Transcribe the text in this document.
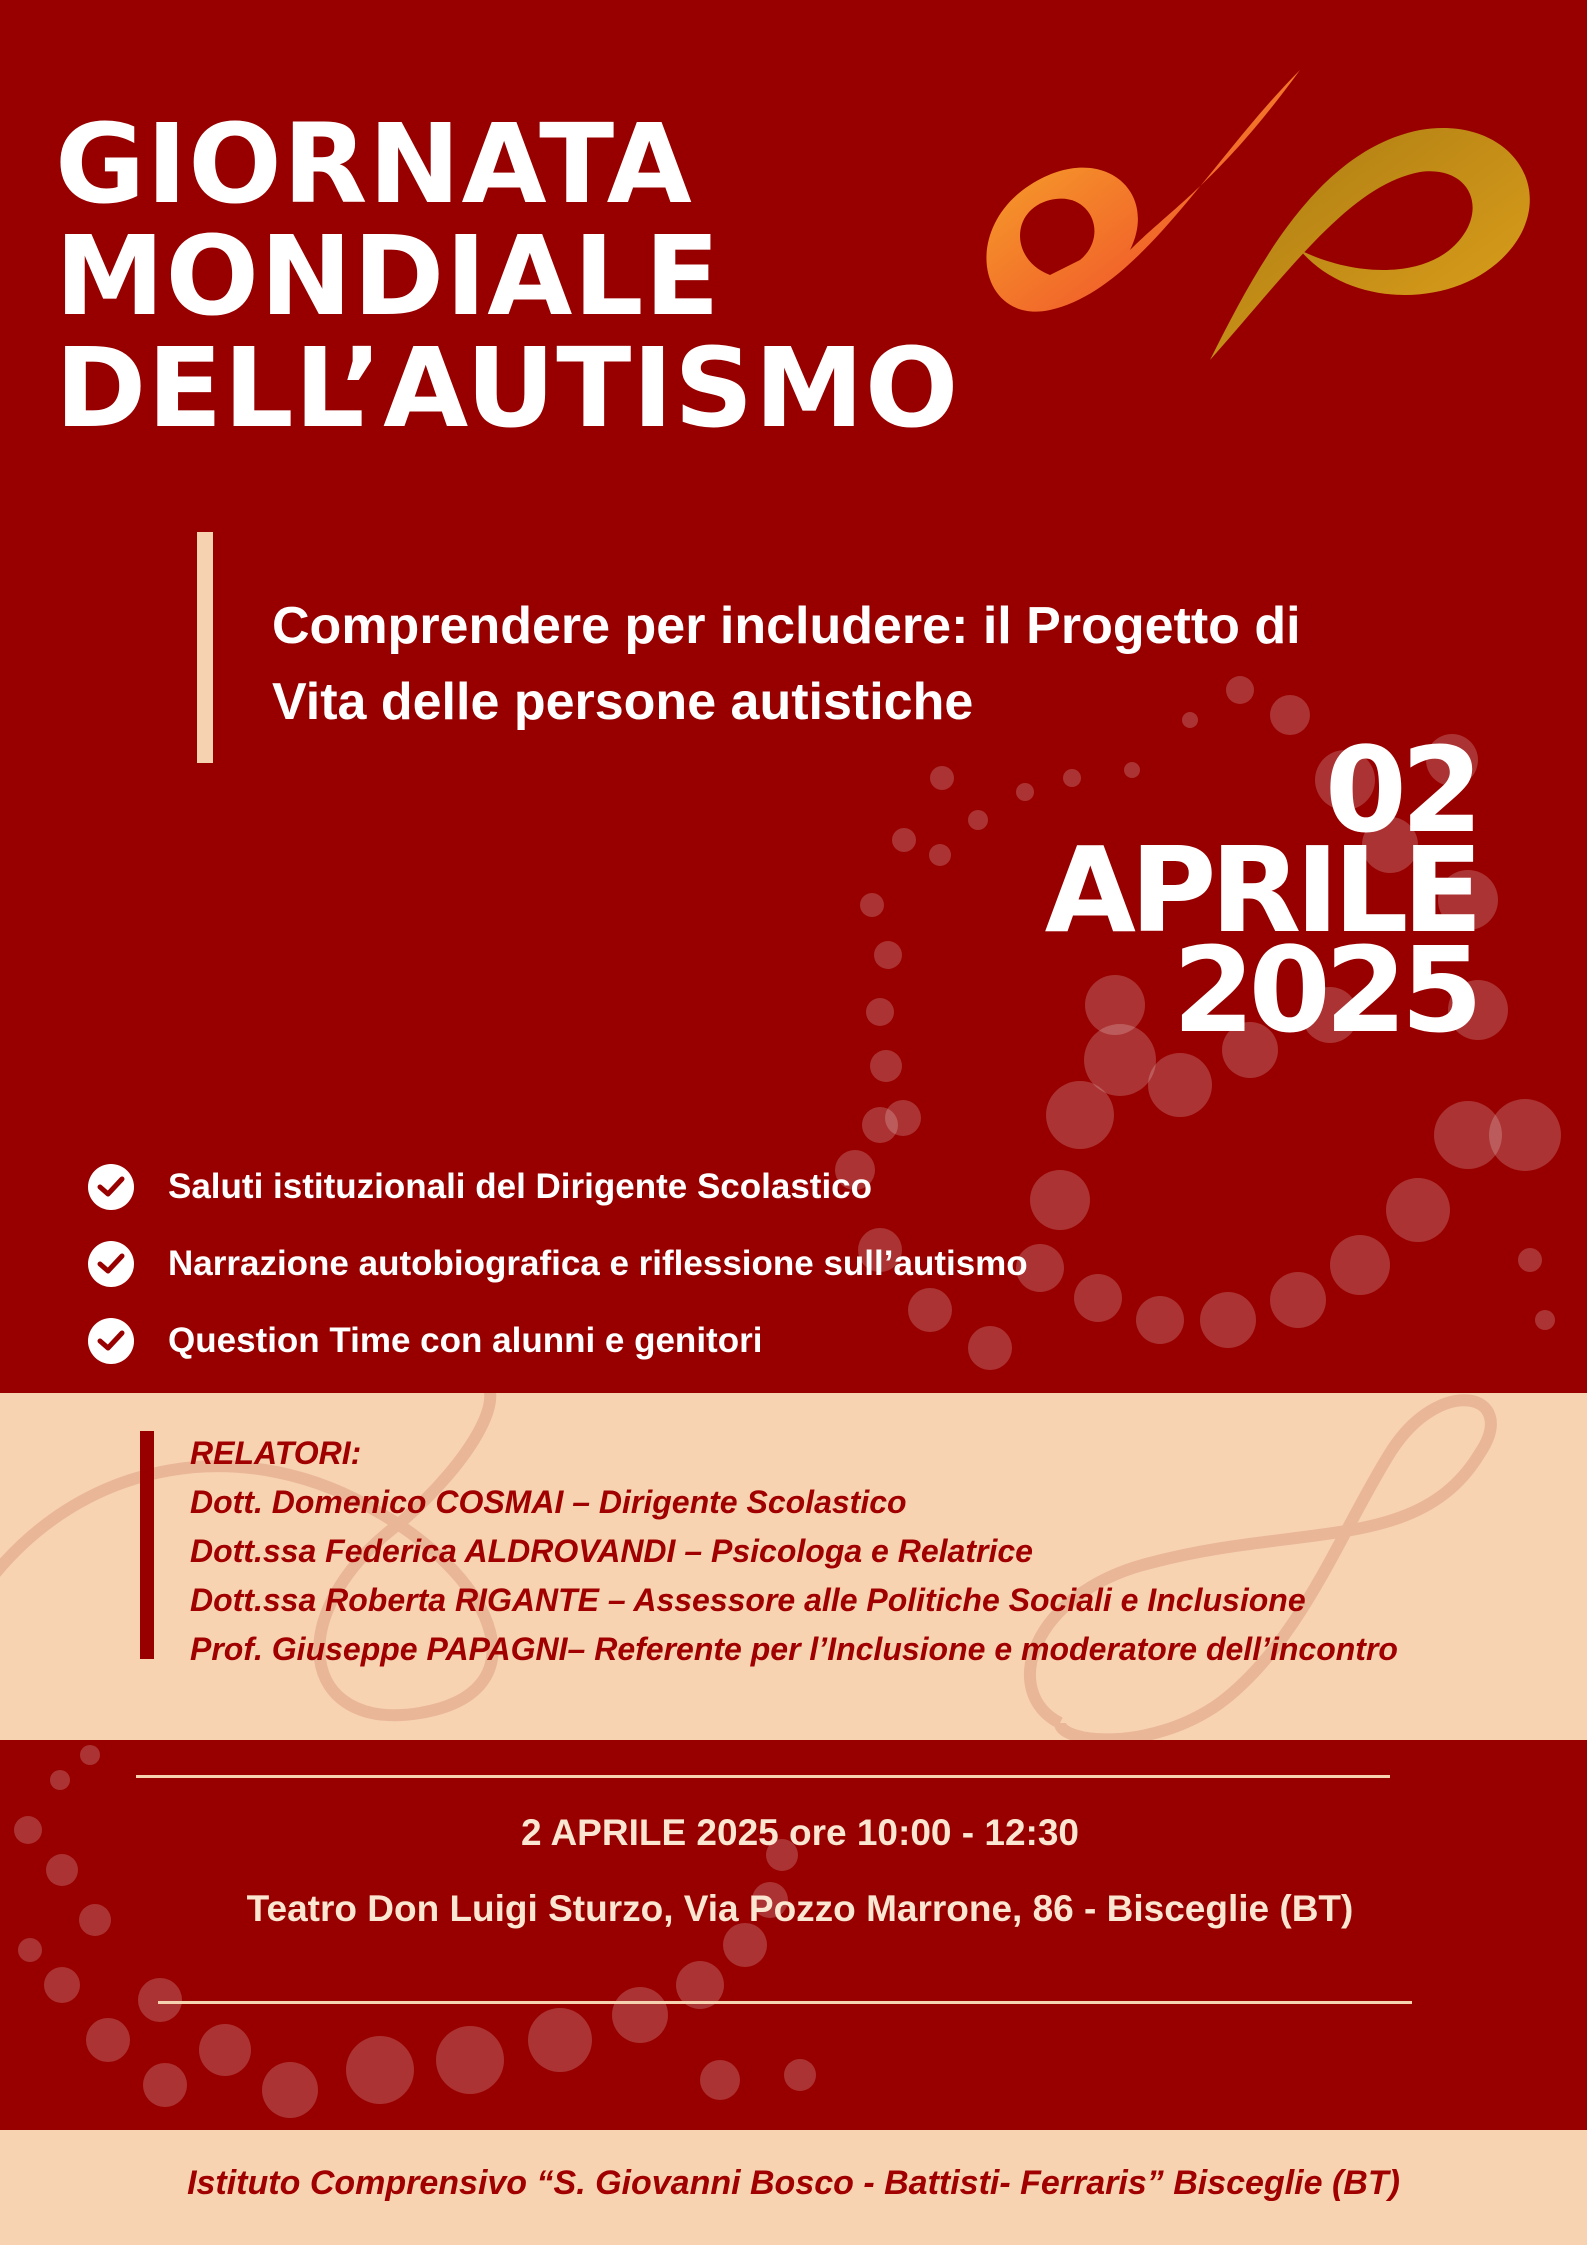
GIORNATA
MONDIALE
DELL’AUTISMO
Comprendere per includere: il Progetto di
Vita delle persone autistiche
02
APRILE
2025
Saluti istituzionali del Dirigente Scolastico
Narrazione autobiografica e riflessione sull’autismo
Question Time con alunni e genitori
RELATORI:
Dott. Domenico COSMAI – Dirigente Scolastico
Dott.ssa Federica ALDROVANDI – Psicologa e Relatrice
Dott.ssa Roberta RIGANTE – Assessore alle Politiche Sociali e Inclusione
Prof. Giuseppe PAPAGNI– Referente per l’Inclusione e moderatore dell’incontro
2 APRILE 2025 ore 10:00 - 12:30
Teatro Don Luigi Sturzo, Via Pozzo Marrone, 86 - Bisceglie (BT)
Istituto Comprensivo “S. Giovanni Bosco - Battisti- Ferraris” Bisceglie (BT)
